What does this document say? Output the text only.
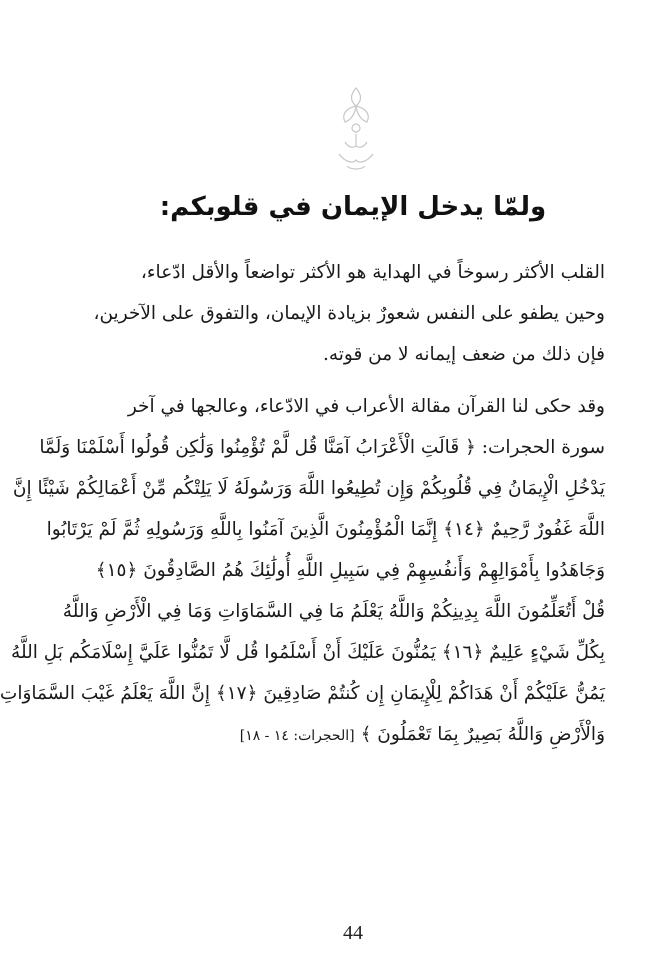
ولمّا يدخل الإيمان في قلوبكم:
القلب الأكثر رسوخاً في الهداية هو الأكثر تواضعاً والأقل ادّعاء،
وحين يطفو على النفس شعورٌ بزيادة الإيمان، والتفوق على الآخرين،
فإن ذلك من ضعف إيمانه لا من قوته.
وقد حكى لنا القرآن مقالة الأعراب في الادّعاء، وعالجها في آخر
سورة الحجرات: ﴿ قَالَتِ الْأَعْرَابُ آمَنَّا قُل لَّمْ تُؤْمِنُوا وَلَٰكِن قُولُوا أَسْلَمْنَا وَلَمَّا
يَدْخُلِ الْإِيمَانُ فِي قُلُوبِكُمْ وَإِن تُطِيعُوا اللَّهَ وَرَسُولَهُ لَا يَلِتْكُم مِّنْ أَعْمَالِكُمْ شَيْئًا إِنَّ
اللَّهَ غَفُورٌ رَّحِيمٌ ﴿١٤﴾ إِنَّمَا الْمُؤْمِنُونَ الَّذِينَ آمَنُوا بِاللَّهِ وَرَسُولِهِ ثُمَّ لَمْ يَرْتَابُوا
وَجَاهَدُوا بِأَمْوَالِهِمْ وَأَنفُسِهِمْ فِي سَبِيلِ اللَّهِ أُولَٰئِكَ هُمُ الصَّادِقُونَ ﴿١٥﴾
قُلْ أَتُعَلِّمُونَ اللَّهَ بِدِينِكُمْ وَاللَّهُ يَعْلَمُ مَا فِي السَّمَاوَاتِ وَمَا فِي الْأَرْضِ وَاللَّهُ
بِكُلِّ شَيْءٍ عَلِيمٌ ﴿١٦﴾ يَمُنُّونَ عَلَيْكَ أَنْ أَسْلَمُوا قُل لَّا تَمُنُّوا عَلَيَّ إِسْلَامَكُم بَلِ اللَّهُ
يَمُنُّ عَلَيْكُمْ أَنْ هَدَاكُمْ لِلْإِيمَانِ إِن كُنتُمْ صَادِقِينَ ﴿١٧﴾ إِنَّ اللَّهَ يَعْلَمُ غَيْبَ السَّمَاوَاتِ
وَالْأَرْضِ وَاللَّهُ بَصِيرٌ بِمَا تَعْمَلُونَ ﴾[الحجرات: ١٤ - ١٨]
44
